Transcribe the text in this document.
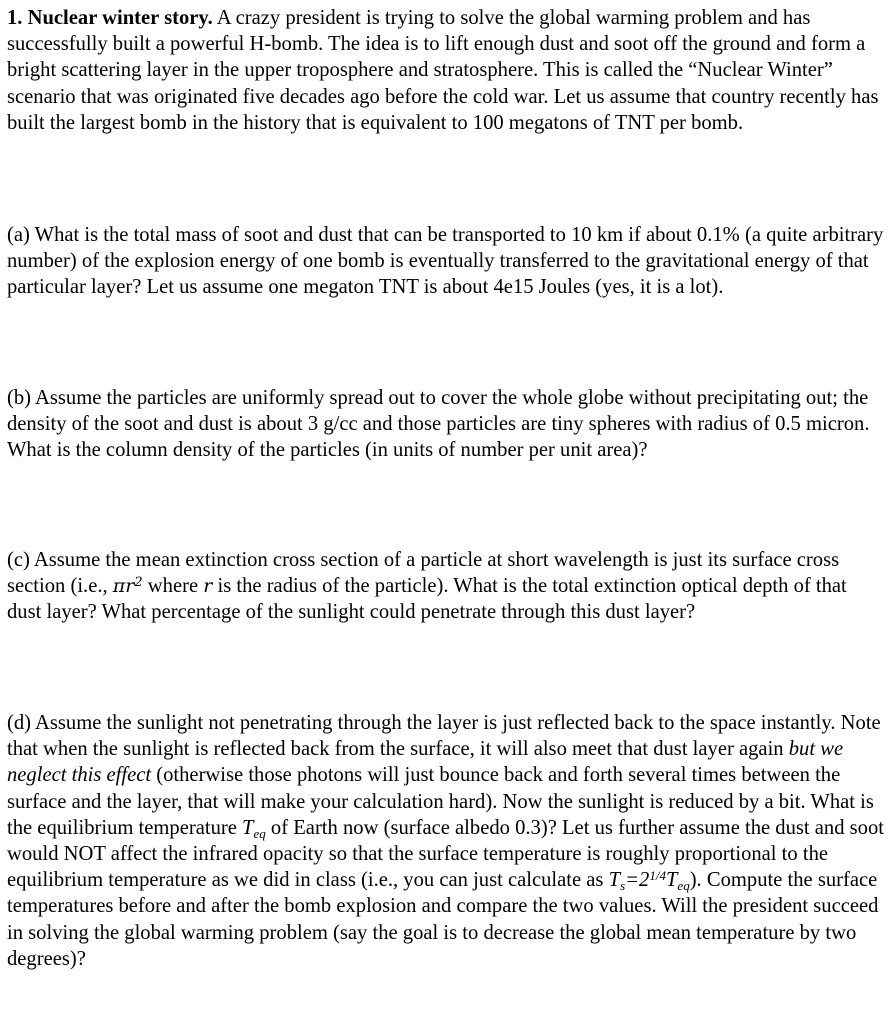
1. Nuclear winter story. A crazy president is trying to solve the global warming problem and has successfully built a powerful H-bomb. The idea is to lift enough dust and soot off the ground and form a bright scattering layer in the upper troposphere and stratosphere. This is called the “Nuclear Winter” scenario that was originated five decades ago before the cold war. Let us assume that country recently has built the largest bomb in the history that is equivalent to 100 megatons of TNT per bomb.

(a) What is the total mass of soot and dust that can be transported to 10 km if about 0.1% (a quite arbitrary number) of the explosion energy of one bomb is eventually transferred to the gravitational energy of that particular layer? Let us assume one megaton TNT is about 4e15 Joules (yes, it is a lot).

(b) Assume the particles are uniformly spread out to cover the whole globe without precipitating out; the density of the soot and dust is about 3 g/cc and those particles are tiny spheres with radius of 0.5 micron. What is the column density of the particles (in units of number per unit area)?

(c) Assume the mean extinction cross section of a particle at short wavelength is just its surface cross section (i.e., $\pi r^2$ where r is the radius of the particle). What is the total extinction optical depth of that dust layer? What percentage of the sunlight could penetrate through this dust layer?

(d) Assume the sunlight not penetrating through the layer is just reflected back to the space instantly. Note that when the sunlight is reflected back from the surface, it will also meet that dust layer again but we neglect this effect (otherwise those photons will just bounce back and forth several times between the surface and the layer, that will make your calculation hard). Now the sunlight is reduced by a bit. What is the equilibrium temperature $T_{eq}$ of Earth now (surface albedo 0.3)? Let us further assume the dust and soot would NOT affect the infrared opacity so that the surface temperature is roughly proportional to the equilibrium temperature as we did in class (i.e., you can just calculate as $T_s=2^{1/4}T_{eq}$). Compute the surface temperatures before and after the bomb explosion and compare the two values. Will the president succeed in solving the global warming problem (say the goal is to decrease the global mean temperature by two degrees)?
